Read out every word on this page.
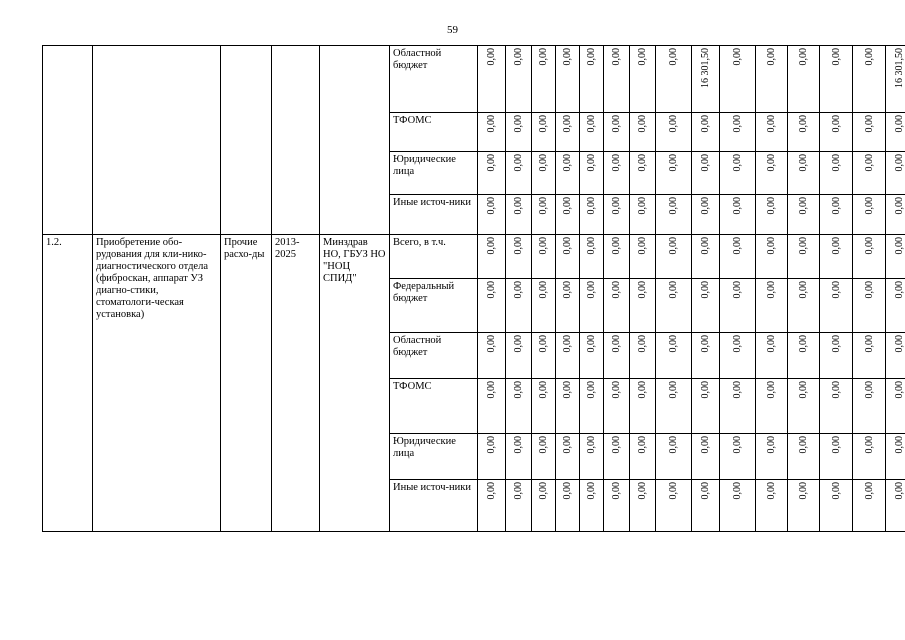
59
					Областной бюджет	0,00	0,00	0,00	0,00	0,00	0,00	0,00	0,00	16 301,50	0,00	0,00	0,00	0,00	0,00	16 301,50
					ТФОМС	0,00	0,00	0,00	0,00	0,00	0,00	0,00	0,00	0,00	0,00	0,00	0,00	0,00	0,00	0,00
					Юридические лица	0,00	0,00	0,00	0,00	0,00	0,00	0,00	0,00	0,00	0,00	0,00	0,00	0,00	0,00	0,00
					Иные источ-ники	0,00	0,00	0,00	0,00	0,00	0,00	0,00	0,00	0,00	0,00	0,00	0,00	0,00	0,00	0,00
1.2.	Приобретение обо-рудования для кли-нико-диагностического отдела (фиброскан, аппарат УЗ диагно-стики, стоматологи-ческая установка)	Прочие расхо-ды	2013-2025	Минздрав НО, ГБУЗ НО "НОЦ СПИД"	Всего, в т.ч.	0,00	0,00	0,00	0,00	0,00	0,00	0,00	0,00	0,00	0,00	0,00	0,00	0,00	0,00	0,00
					Федеральный бюджет	0,00	0,00	0,00	0,00	0,00	0,00	0,00	0,00	0,00	0,00	0,00	0,00	0,00	0,00	0,00
					Областной бюджет	0,00	0,00	0,00	0,00	0,00	0,00	0,00	0,00	0,00	0,00	0,00	0,00	0,00	0,00	0,00
					ТФОМС	0,00	0,00	0,00	0,00	0,00	0,00	0,00	0,00	0,00	0,00	0,00	0,00	0,00	0,00	0,00
					Юридические лица	0,00	0,00	0,00	0,00	0,00	0,00	0,00	0,00	0,00	0,00	0,00	0,00	0,00	0,00	0,00
					Иные источ-ники	0,00	0,00	0,00	0,00	0,00	0,00	0,00	0,00	0,00	0,00	0,00	0,00	0,00	0,00	0,00
